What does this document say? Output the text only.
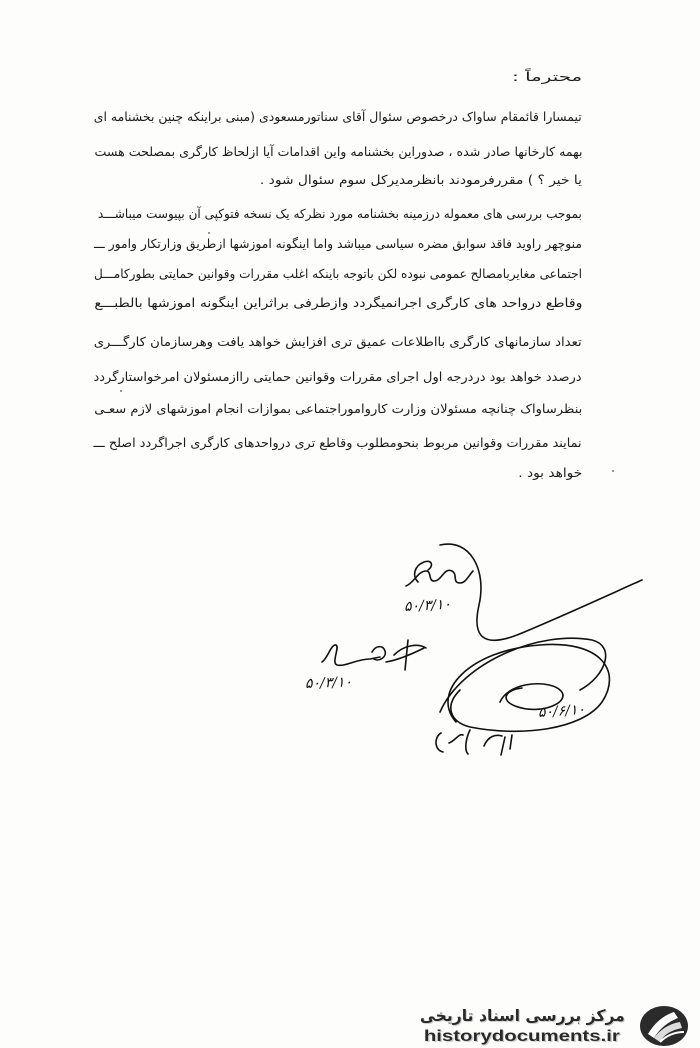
محترماً :
تیمسارا قائمقام ساواک درخصوص سئوال آقای سناتورمسعودی (مبنی براینکه چنین بخشنامه ای
بهمه کارخانها صادر شده ، صدوراین بخشنامه واین اقدامات آیا ازلحاظ کارگری بمصلحت هست
یا خیر ؟ ) مقررفرمودند بانظرمدیرکل سوم سئوال شود .
بموجب بررسی های معموله درزمینه بخشنامه مورد نظرکه یک نسخه فتوکپی آن بپیوست میباشـــد
منوچهر راوید فاقد سوابق مضره سیاسی میباشد واما اینگونه اموزشها ازطریق وزارتکار وامور ـــ
اجتماعی مغایربامصالح عمومی نبوده لکن باتوجه باینکه اغلب مقررات وقوانین حمایتی بطورکامـــل
وقاطع درواحد های کارگری اجرانمیگردد وازطرفی براثراین اینگونه اموزشها بالطبـــع
تعداد سازمانهای کارگری بااطلاعات عمیق تری افزایش خواهد یافت وهرسازمان کارگـــری
درصدد خواهد بود دردرجه اول اجرای مقررات وقوانین حمایتی راازمسئولان امرخواستارگردد
بنظرساواک چنانچه مسئولان وزارت کارواموراجتماعی بموازات انجام اموزشهای لازم سعـی
نمایند مقررات وقوانین مربوط بنحومطلوب وقاطع تری درواحدهای کارگری اجراگردد اصلح ـــ
خواهد بود .
۵۰/۳/۱۰
۵۰/۳/۱۰
۵۰/۶/۱۰
مرکز بررسی اسناد تاریخی
historydocuments.ir
